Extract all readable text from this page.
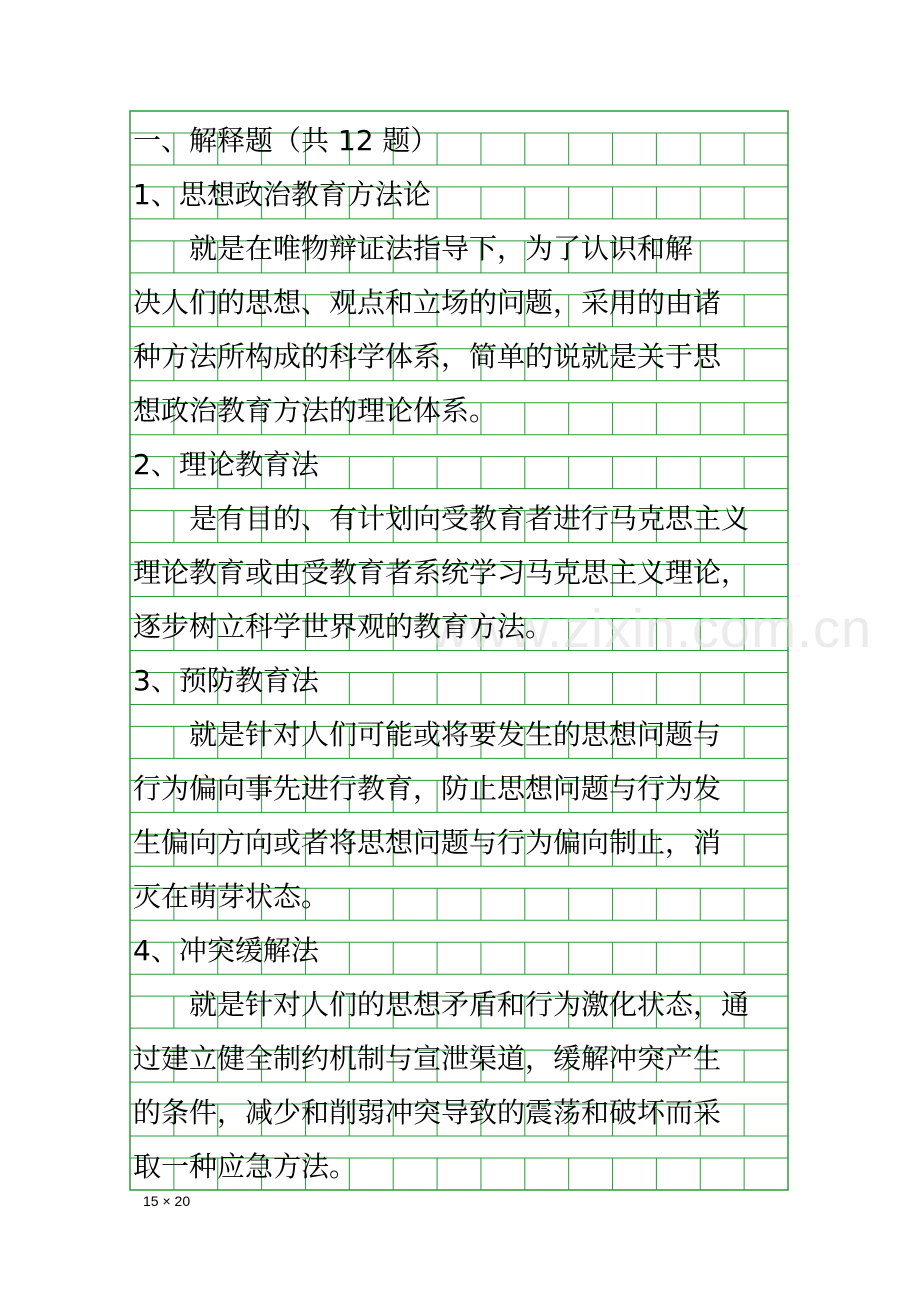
www.zixin.com.cn
一、解释题（共 12 题）
1、思想政治教育方法论
　　就是在唯物辩证法指导下，为了认识和解
决人们的思想、观点和立场的问题，采用的由诸
种方法所构成的科学体系，简单的说就是关于思
想政治教育方法的理论体系。
2、理论教育法
　　是有目的、有计划向受教育者进行马克思主义
理论教育或由受教育者系统学习马克思主义理论，
逐步树立科学世界观的教育方法。
3、预防教育法
　　就是针对人们可能或将要发生的思想问题与
行为偏向事先进行教育，防止思想问题与行为发
生偏向方向或者将思想问题与行为偏向制止，消
灭在萌芽状态。
4、冲突缓解法
　　就是针对人们的思想矛盾和行为激化状态，通
过建立健全制约机制与宣泄渠道，缓解冲突产生
的条件，减少和削弱冲突导致的震荡和破坏而采
取一种应急方法。
15 × 20
